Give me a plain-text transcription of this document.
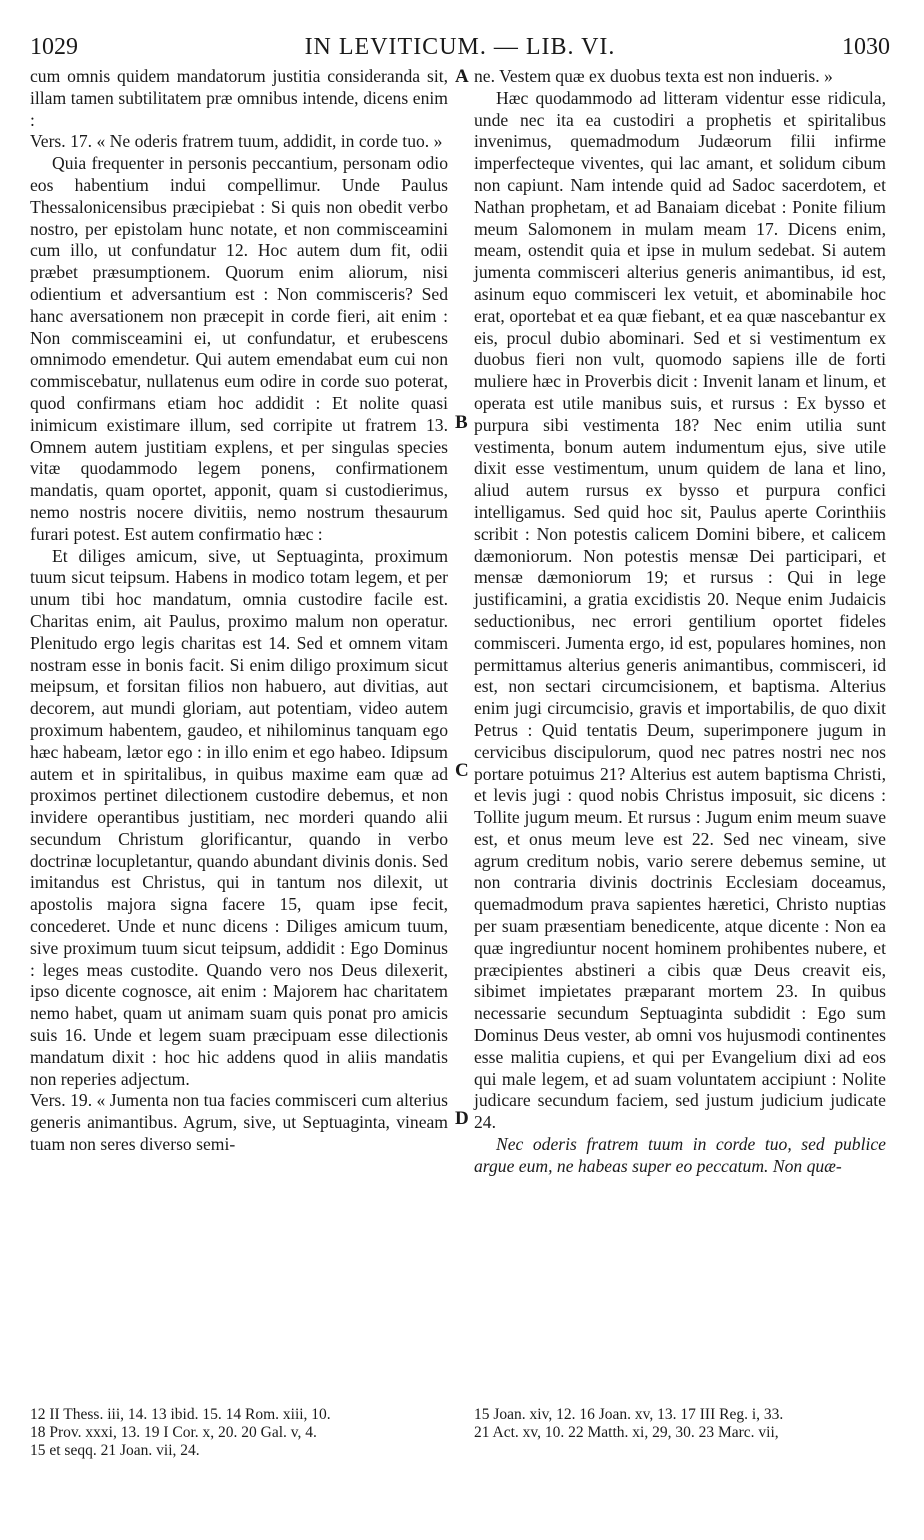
1029	IN LEVITICUM. — LIB. VI.	1030

cum omnis quidem mandatorum justitia consideranda sit, illam tamen subtilitatem præ omnibus intende, dicens enim :

Vers. 17. « Ne oderis fratrem tuum, addidit, in corde tuo. »

Quia frequenter in personis peccantium, personam odio eos habentium indui compellimur. Unde Paulus Thessalonicensibus præcipiebat : Si quis non obedit verbo nostro, per epistolam hunc notate, et non commisceamini cum illo, ut confundatur 12. Hoc autem dum fit, odii præbet præsumptionem. Quorum enim aliorum, nisi odientium et adversantium est : Non commisceris? Sed hanc aversationem non præcepit in corde fieri, ait enim : Non commisceamini ei, ut confundatur, et erubescens omnimodo emendetur. Qui autem emendabat eum cui non commiscebatur, nullatenus eum odire in corde suo poterat, quod confirmans etiam hoc addidit : Et nolite quasi inimicum existimare illum, sed corripite ut fratrem 13. Omnem autem justitiam explens, et per singulas species vitæ quodammodo legem ponens, confirmationem mandatis, quam oportet, apponit, quam si custodierimus, nemo nostris nocere divitiis, nemo nostrum thesaurum furari potest. Est autem confirmatio hæc :

Et diliges amicum, sive, ut Septuaginta, proximum tuum sicut teipsum. Habens in modico totam legem, et per unum tibi hoc mandatum, omnia custodire facile est. Charitas enim, ait Paulus, proximo malum non operatur. Plenitudo ergo legis charitas est 14. Sed et omnem vitam nostram esse in bonis facit. Si enim diligo proximum sicut meipsum, et forsitan filios non habuero, aut divitias, aut decorem, aut mundi gloriam, aut potentiam, video autem proximum habentem, gaudeo, et nihilominus tanquam ego hæc habeam, lætor ego : in illo enim et ego habeo. Idipsum autem et in spiritalibus, in quibus maxime eam quæ ad proximos pertinet dilectionem custodire debemus, et non invidere operantibus justitiam, nec morderi quando alii secundum Christum glorificantur, quando in verbo doctrinæ locupletantur, quando abundant divinis donis. Sed imitandus est Christus, qui in tantum nos dilexit, ut apostolis majora signa facere 15, quam ipse fecit, concederet. Unde et nunc dicens : Diliges amicum tuum, sive proximum tuum sicut teipsum, addidit : Ego Dominus : leges meas custodite. Quando vero nos Deus dilexerit, ipso dicente cognosce, ait enim : Majorem hac charitatem nemo habet, quam ut animam suam quis ponat pro amicis suis 16. Unde et legem suam præcipuam esse dilectionis mandatum dixit : hoc hic addens quod in aliis mandatis non reperies adjectum.

Vers. 19. « Jumenta non tua facies commisceri cum alterius generis animantibus. Agrum, sive, ut Septuaginta, vineam tuam non seres diverso semi-

A
B
C
D

ne. Vestem quæ ex duobus texta est non indueris. »

Hæc quodammodo ad litteram videntur esse ridicula, unde nec ita ea custodiri a prophetis et spiritalibus invenimus, quemadmodum Judæorum filii infirme imperfecteque viventes, qui lac amant, et solidum cibum non capiunt. Nam intende quid ad Sadoc sacerdotem, et Nathan prophetam, et ad Banaiam dicebat : Ponite filium meum Salomonem in mulam meam 17. Dicens enim, meam, ostendit quia et ipse in mulum sedebat. Si autem jumenta commisceri alterius generis animantibus, id est, asinum equo commisceri lex vetuit, et abominabile hoc erat, oportebat et ea quæ fiebant, et ea quæ nascebantur ex eis, procul dubio abominari. Sed et si vestimentum ex duobus fieri non vult, quomodo sapiens ille de forti muliere hæc in Proverbis dicit : Invenit lanam et linum, et operata est utile manibus suis, et rursus : Ex bysso et purpura sibi vestimenta 18? Nec enim utilia sunt vestimenta, bonum autem indumentum ejus, sive utile dixit esse vestimentum, unum quidem de lana et lino, aliud autem rursus ex bysso et purpura confici intelligamus. Sed quid hoc sit, Paulus aperte Corinthiis scribit : Non potestis calicem Domini bibere, et calicem dæmoniorum. Non potestis mensæ Dei participari, et mensæ dæmoniorum 19; et rursus : Qui in lege justificamini, a gratia excidistis 20. Neque enim Judaicis seductionibus, nec errori gentilium oportet fideles commisceri. Jumenta ergo, id est, populares homines, non permittamus alterius generis animantibus, commisceri, id est, non sectari circumcisionem, et baptisma. Alterius enim jugi circumcisio, gravis et importabilis, de quo dixit Petrus : Quid tentatis Deum, superimponere jugum in cervicibus discipulorum, quod nec patres nostri nec nos portare potuimus 21? Alterius est autem baptisma Christi, et levis jugi : quod nobis Christus imposuit, sic dicens : Tollite jugum meum. Et rursus : Jugum enim meum suave est, et onus meum leve est 22. Sed nec vineam, sive agrum creditum nobis, vario serere debemus semine, ut non contraria divinis doctrinis Ecclesiam doceamus, quemadmodum prava sapientes hæretici, Christo nuptias per suam præsentiam benedicente, atque dicente : Non ea quæ ingrediuntur nocent hominem prohibentes nubere, et præcipientes abstineri a cibis quæ Deus creavit eis, sibimet impietates præparant mortem 23. In quibus necessarie secundum Septuaginta subdidit : Ego sum Dominus Deus vester, ab omni vos hujusmodi continentes esse malitia cupiens, et qui per Evangelium dixi ad eos qui male legem, et ad suam voluntatem accipiunt : Nolite judicare secundum faciem, sed justum judicium judicate 24.

Nec oderis fratrem tuum in corde tuo, sed publice argue eum, ne habeas super eo peccatum. Non quæ-

12 II Thess. iii, 14. 13 ibid. 15. 14 Rom. xiii, 10.
18 Prov. xxxi, 13. 19 I Cor. x, 20. 20 Gal. v, 4.
15 et seqq. 21 Joan. vii, 24.
15 Joan. xiv, 12. 16 Joan. xv, 13. 17 III Reg. i, 33.
21 Act. xv, 10. 22 Matth. xi, 29, 30. 23 Marc. vii,
